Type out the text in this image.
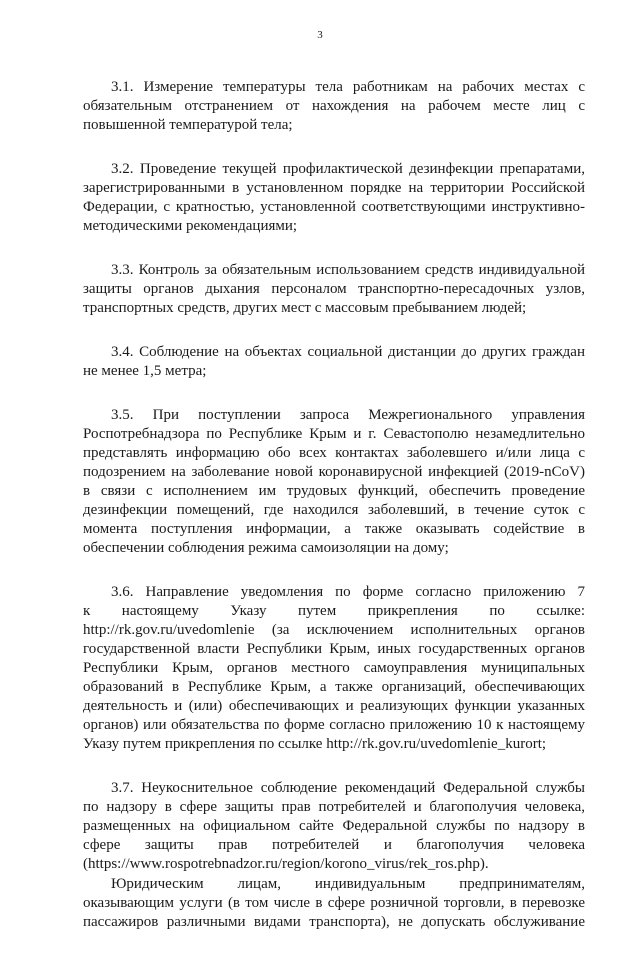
3
3.1. Измерение температуры тела работникам на рабочих местах с
обязательным отстранением от нахождения на рабочем месте лиц с
повышенной температурой тела;
3.2. Проведение текущей профилактической дезинфекции препаратами,
зарегистрированными в установленном порядке на территории Российской
Федерации, с кратностью, установленной соответствующими инструктивно-
методическими рекомендациями;
3.3. Контроль за обязательным использованием средств индивидуальной
защиты органов дыхания персоналом транспортно-пересадочных узлов,
транспортных средств, других мест с массовым пребыванием людей;
3.4. Соблюдение на объектах социальной дистанции до других граждан
не менее 1,5 метра;
3.5. При поступлении запроса Межрегионального управления
Роспотребнадзора по Республике Крым и г. Севастополю незамедлительно
представлять информацию обо всех контактах заболевшего и/или лица с
подозрением на заболевание новой коронавирусной инфекцией (2019-nCoV)
в связи с исполнением им трудовых функций, обеспечить проведение
дезинфекции помещений, где находился заболевший, в течение суток с
момента поступления информации, а также оказывать содействие в
обеспечении соблюдения режима самоизоляции на дому;
3.6. Направление уведомления по форме согласно приложению 7
к настоящему Указу путем прикрепления по ссылке:
http://rk.gov.ru/uvedomlenie (за исключением исполнительных органов
государственной власти Республики Крым, иных государственных органов
Республики Крым, органов местного самоуправления муниципальных
образований в Республике Крым, а также организаций, обеспечивающих
деятельность и (или) обеспечивающих и реализующих функции указанных
органов) или обязательства по форме согласно приложению 10 к настоящему
Указу путем прикрепления по ссылке http://rk.gov.ru/uvedomlenie_kurort;
3.7. Неукоснительное соблюдение рекомендаций Федеральной службы
по надзору в сфере защиты прав потребителей и благополучия человека,
размещенных на официальном сайте Федеральной службы по надзору в
сфере защиты прав потребителей и благополучия человека
(https://www.rospotrebnadzor.ru/region/korono_virus/rek_ros.php).
Юридическим лицам, индивидуальным предпринимателям,
оказывающим услуги (в том числе в сфере розничной торговли, в перевозке
пассажиров различными видами транспорта), не допускать обслуживание
